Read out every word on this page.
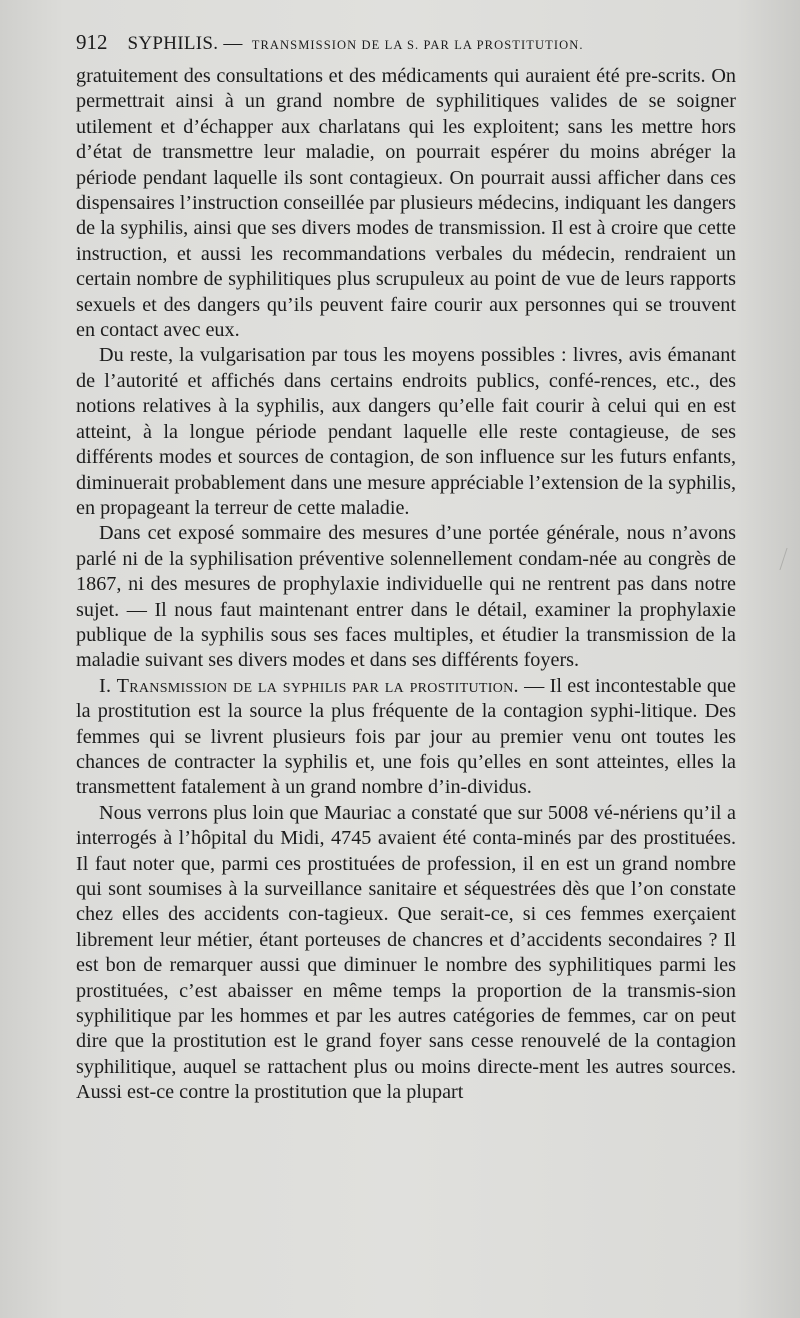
912 SYPHILIS. — TRANSMISSION DE LA S. PAR LA PROSTITUTION.

gratuitement des consultations et des médicaments qui auraient été pre-scrits. On permettrait ainsi à un grand nombre de syphilitiques valides de se soigner utilement et d’échapper aux charlatans qui les exploitent; sans les mettre hors d’état de transmettre leur maladie, on pourrait espérer du moins abréger la période pendant laquelle ils sont contagieux. On pourrait aussi afficher dans ces dispensaires l’instruction conseillée par plusieurs médecins, indiquant les dangers de la syphilis, ainsi que ses divers modes de transmission. Il est à croire que cette instruction, et aussi les recommandations verbales du médecin, rendraient un certain nombre de syphilitiques plus scrupuleux au point de vue de leurs rapports sexuels et des dangers qu’ils peuvent faire courir aux personnes qui se trouvent en contact avec eux.

Du reste, la vulgarisation par tous les moyens possibles : livres, avis émanant de l’autorité et affichés dans certains endroits publics, confé-rences, etc., des notions relatives à la syphilis, aux dangers qu’elle fait courir à celui qui en est atteint, à la longue période pendant laquelle elle reste contagieuse, de ses différents modes et sources de contagion, de son influence sur les futurs enfants, diminuerait probablement dans une mesure appréciable l’extension de la syphilis, en propageant la terreur de cette maladie.

Dans cet exposé sommaire des mesures d’une portée générale, nous n’avons parlé ni de la syphilisation préventive solennellement condam-née au congrès de 1867, ni des mesures de prophylaxie individuelle qui ne rentrent pas dans notre sujet. — Il nous faut maintenant entrer dans le détail, examiner la prophylaxie publique de la syphilis sous ses faces multiples, et étudier la transmission de la maladie suivant ses divers modes et dans ses différents foyers.

I. Transmission de la syphilis par la prostitution. — Il est incontestable que la prostitution est la source la plus fréquente de la contagion syphi-litique. Des femmes qui se livrent plusieurs fois par jour au premier venu ont toutes les chances de contracter la syphilis et, une fois qu’elles en sont atteintes, elles la transmettent fatalement à un grand nombre d’in-dividus.

Nous verrons plus loin que Mauriac a constaté que sur 5008 vé-nériens qu’il a interrogés à l’hôpital du Midi, 4745 avaient été conta-minés par des prostituées. Il faut noter que, parmi ces prostituées de profession, il en est un grand nombre qui sont soumises à la surveillance sanitaire et séquestrées dès que l’on constate chez elles des accidents con-tagieux. Que serait-ce, si ces femmes exerçaient librement leur métier, étant porteuses de chancres et d’accidents secondaires ? Il est bon de remarquer aussi que diminuer le nombre des syphilitiques parmi les prostituées, c’est abaisser en même temps la proportion de la transmis-sion syphilitique par les hommes et par les autres catégories de femmes, car on peut dire que la prostitution est le grand foyer sans cesse renouvelé de la contagion syphilitique, auquel se rattachent plus ou moins directe-ment les autres sources. Aussi est-ce contre la prostitution que la plupart
